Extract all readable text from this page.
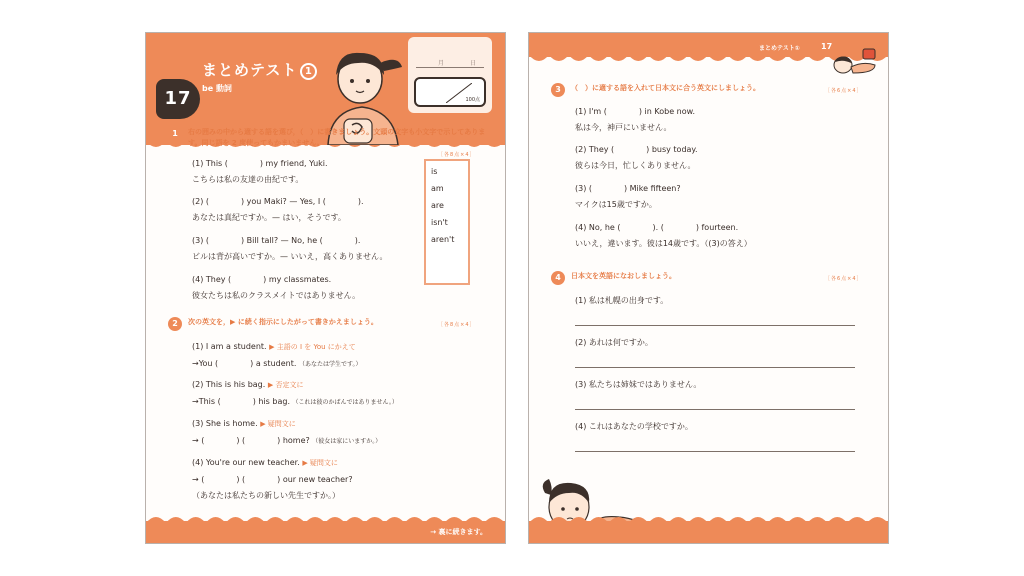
17
まとめテスト 1
be 動詞
月	日
100点
1	右の囲みの中から適する語を選び，（　）に書きましょう。文頭の文字も小文字で示してあります。同じ語を 2 度使ってもかまいません。
［各8点×4］
(1) This (　　　　) my friend, Yuki.
こちらは私の友達の由紀です。
(2) (　　　　) you Maki? — Yes, I (　　　　).
あなたは真紀ですか。— はい，そうです。
(3) (　　　　) Bill tall? — No, he (　　　　).
ビルは背が高いですか。— いいえ，高くありません。
(4) They (　　　　) my classmates.
彼女たちは私のクラスメイトではありません。
is
am
are
isn't
aren't
2	次の英文を，▶ に続く指示にしたがって書きかえましょう。	［各8点×4］
(1) I am a student. ▶ 主語の I を You にかえて
→You (　　　　) a student. （あなたは学生です。）
(2) This is his bag. ▶ 否定文に
→This (　　　　) his bag. （これは彼のかばんではありません。）
(3) She is home. ▶ 疑問文に
→ (　　　　) (　　　　) home? （彼女は家にいますか。）
(4) You're our new teacher. ▶ 疑問文に
→ (　　　　) (　　　　) our new teacher?
（あなたは私たちの新しい先生ですか。）
→ 裏に続きます。
まとめテスト①	17
3	（　）に適する語を入れて日本文に合う英文にしましょう。	［各6点×4］
(1) I'm (　　　　) in Kobe now.
私は今，神戸にいません。
(2) They (　　　　) busy today.
彼らは今日，忙しくありません。
(3) (　　　　) Mike fifteen?
マイクは15歳ですか。
(4) No, he (　　　　). (　　　　) fourteen.
いいえ，違います。彼は14歳です。（(3)の答え）
4	日本文を英語になおしましょう。	［各6点×4］
(1) 私は札幌の出身です。
(2) あれは何ですか。
(3) 私たちは姉妹ではありません。
(4) これはあなたの学校ですか。
